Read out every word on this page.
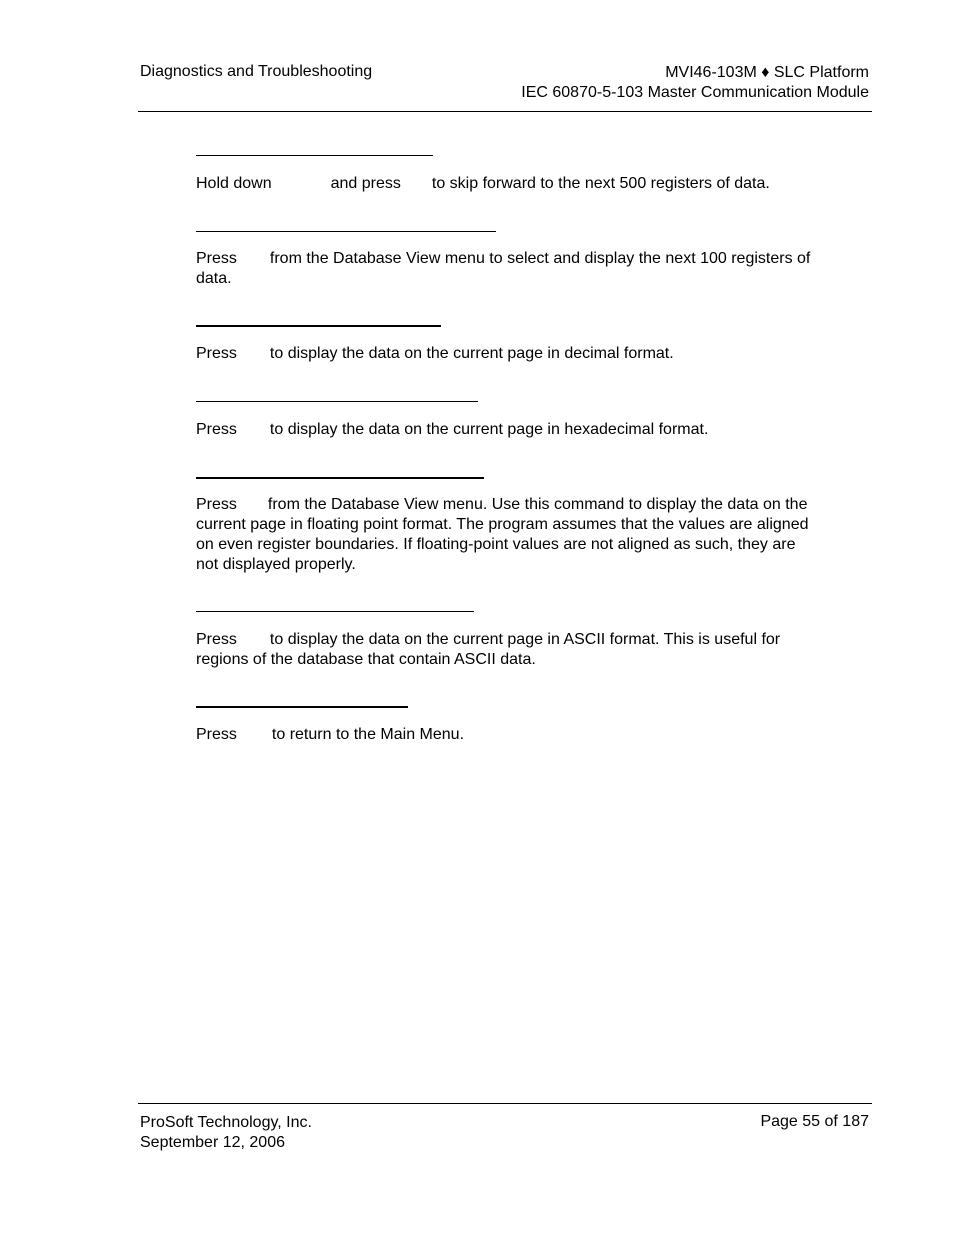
Diagnostics and Troubleshooting	MVI46-103M ♦ SLC Platform
IEC 60870-5-103 Master Communication Module
Hold down	and press to skip forward to the next 500 registers of data.
Press from the Database View menu to select and display the next 100 registers of data.
Press to display the data on the current page in decimal format.
Press to display the data on the current page in hexadecimal format.
Press from the Database View menu. Use this command to display the data on the current page in floating point format. The program assumes that the values are aligned on even register boundaries. If floating-point values are not aligned as such, they are not displayed properly.
Press to display the data on the current page in ASCII format. This is useful for regions of the database that contain ASCII data.
Press to return to the Main Menu.
ProSoft Technology, Inc.
September 12, 2006
Page 55 of 187
